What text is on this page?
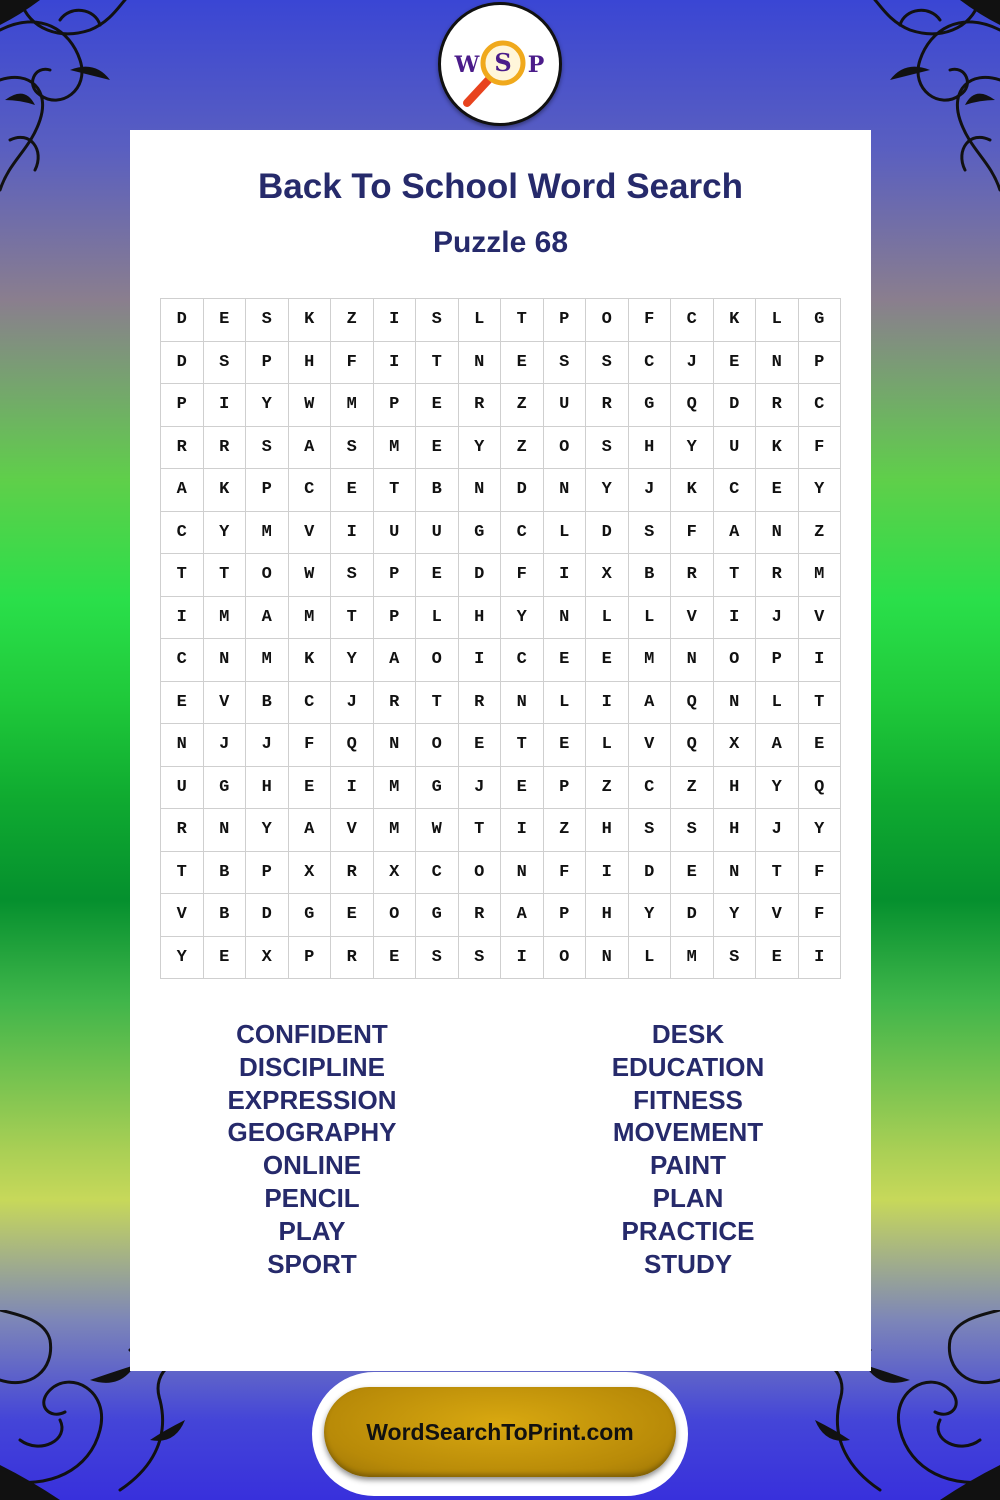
W S P
Back To School Word Search
Puzzle 68
D	E	S	K	Z	I	S	L	T	P	O	F	C	K	L	G
D	S	P	H	F	I	T	N	E	S	S	C	J	E	N	P
P	I	Y	W	M	P	E	R	Z	U	R	G	Q	D	R	C
R	R	S	A	S	M	E	Y	Z	O	S	H	Y	U	K	F
A	K	P	C	E	T	B	N	D	N	Y	J	K	C	E	Y
C	Y	M	V	I	U	U	G	C	L	D	S	F	A	N	Z
T	T	O	W	S	P	E	D	F	I	X	B	R	T	R	M
I	M	A	M	T	P	L	H	Y	N	L	L	V	I	J	V
C	N	M	K	Y	A	O	I	C	E	E	M	N	O	P	I
E	V	B	C	J	R	T	R	N	L	I	A	Q	N	L	T
N	J	J	F	Q	N	O	E	T	E	L	V	Q	X	A	E
U	G	H	E	I	M	G	J	E	P	Z	C	Z	H	Y	Q
R	N	Y	A	V	M	W	T	I	Z	H	S	S	H	J	Y
T	B	P	X	R	X	C	O	N	F	I	D	E	N	T	F
V	B	D	G	E	O	G	R	A	P	H	Y	D	Y	V	F
Y	E	X	P	R	E	S	S	I	O	N	L	M	S	E	I
CONFIDENT
DISCIPLINE
EXPRESSION
GEOGRAPHY
ONLINE
PENCIL
PLAY
SPORT
DESK
EDUCATION
FITNESS
MOVEMENT
PAINT
PLAN
PRACTICE
STUDY
WordSearchToPrint.com
